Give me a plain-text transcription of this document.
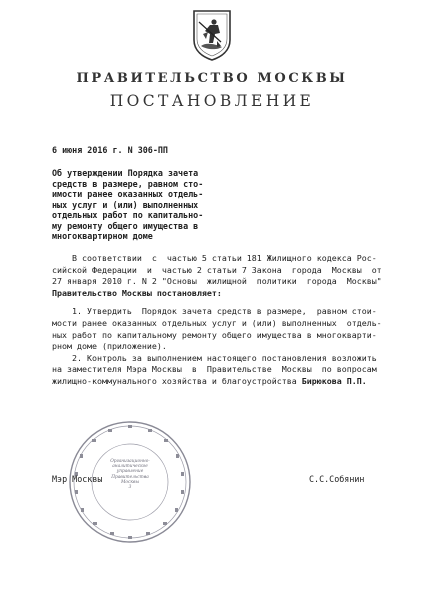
ПРАВИТЕЛЬСТВО МОСКВЫ
ПОСТАНОВЛЕНИЕ
6 июня 2016 г. N 306-ПП
Об утверждении Порядка зачета
средств в размере, равном сто-
имости ранее оказанных отдель-
ных услуг и (или) выполненных
отдельных работ по капитально-
му ремонту общего имущества в
многоквартирном доме
В соответствии  с  частью 5 статьи 181 Жилищного кодекса Рос-
сийской Федерации  и  частью 2 статьи 7 Закона  города  Москвы  от
27 января 2010 г. N 2 "Основы  жилищной  политики  города  Москвы"
Правительство Москвы постановляет:
1. Утвердить  Порядок зачета средств в размере,  равном стои-
мости ранее оказанных отдельных услуг и (или) выполненных  отдель-
ных работ по капитальному ремонту общего имущества в многокварти-
рном доме (приложение).
2. Контроль за выполнением настоящего постановления возложить
на заместителя Мэра Москвы  в  Правительстве  Москвы  по вопросам
жилищно-коммунального хозяйства и благоустройства Бирюкова П.П.
Организационно-
аналитическое
управление
Правительства
Москвы
3
Мэр Москвы	С.С.Собянин
